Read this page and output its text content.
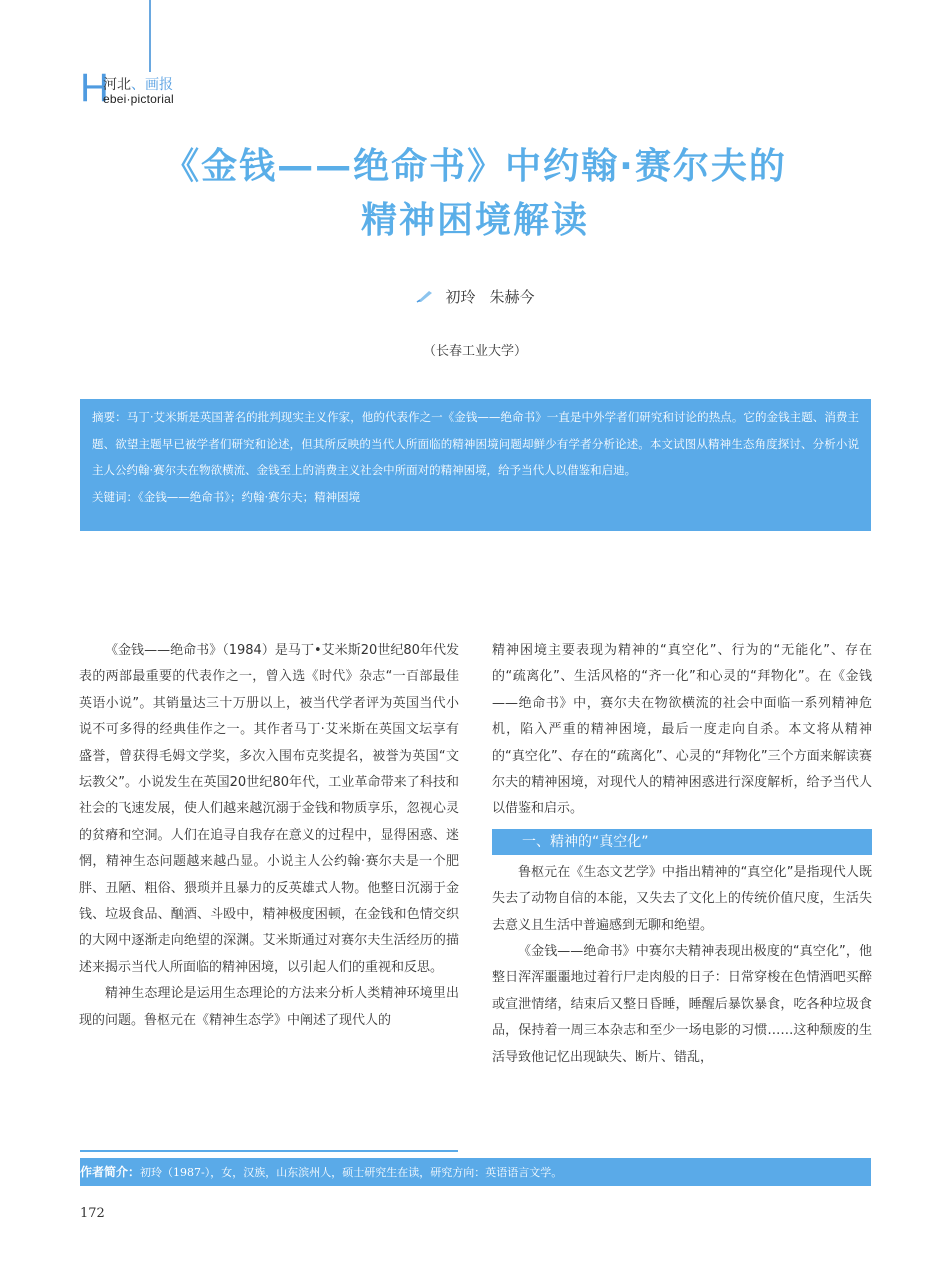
H
河北、画报
ebei·pictorial
《金钱——绝命书》中约翰·赛尔夫的
精神困境解读
初玲 朱赫今
（长春工业大学）

摘要：马丁·艾米斯是英国著名的批判现实主义作家，他的代表作之一《金钱——绝命书》一直是中外学者们研究和讨论的热点。它的金钱主题、消费主题、欲望主题早已被学者们研究和论述，但其所反映的当代人所面临的精神困境问题却鲜少有学者分析论述。本文试图从精神生态角度探讨、分析小说主人公约翰·赛尔夫在物欲横流、金钱至上的消费主义社会中所面对的精神困境，给予当代人以借鉴和启迪。

关键词：《金钱——绝命书》；约翰·赛尔夫；精神困境

《金钱——绝命书》（1984）是马丁•艾米斯20世纪80年代发表的两部最重要的代表作之一，曾入选《时代》杂志“一百部最佳英语小说”。其销量达三十万册以上，被当代学者评为英国当代小说不可多得的经典佳作之一。其作者马丁·艾米斯在英国文坛享有盛誉，曾获得毛姆文学奖，多次入围布克奖提名，被誉为英国“文坛教父”。小说发生在英国20世纪80年代，工业革命带来了科技和社会的飞速发展，使人们越来越沉溺于金钱和物质享乐，忽视心灵的贫瘠和空洞。人们在追寻自我存在意义的过程中，显得困惑、迷惘，精神生态问题越来越凸显。小说主人公约翰·赛尔夫是一个肥胖、丑陋、粗俗、猥琐并且暴力的反英雄式人物。他整日沉溺于金钱、垃圾食品、酗酒、斗殴中，精神极度困顿，在金钱和色情交织的大网中逐渐走向绝望的深渊。艾米斯通过对赛尔夫生活经历的描述来揭示当代人所面临的精神困境，以引起人们的重视和反思。

精神生态理论是运用生态理论的方法来分析人类精神环境里出现的问题。鲁枢元在《精神生态学》中阐述了现代人的

精神困境主要表现为精神的“真空化”、行为的“无能化”、存在的“疏离化”、生活风格的“齐一化”和心灵的“拜物化”。在《金钱——绝命书》中，赛尔夫在物欲横流的社会中面临一系列精神危机，陷入严重的精神困境，最后一度走向自杀。本文将从精神的“真空化”、存在的“疏离化”、心灵的“拜物化”三个方面来解读赛尔夫的精神困境，对现代人的精神困惑进行深度解析，给予当代人以借鉴和启示。

一、精神的“真空化”

鲁枢元在《生态文艺学》中指出精神的“真空化”是指现代人既失去了动物自信的本能，又失去了文化上的传统价值尺度，生活失去意义且生活中普遍感到无聊和绝望。

《金钱——绝命书》中赛尔夫精神表现出极度的“真空化”，他整日浑浑噩噩地过着行尸走肉般的日子：日常穿梭在色情酒吧买醉或宣泄情绪，结束后又整日昏睡，睡醒后暴饮暴食，吃各种垃圾食品，保持着一周三本杂志和至少一场电影的习惯……这种颓废的生活导致他记忆出现缺失、断片、错乱，

作者简介：初玲（1987-），女，汉族，山东滨州人，硕士研究生在读，研究方向：英语语言文学。
172
